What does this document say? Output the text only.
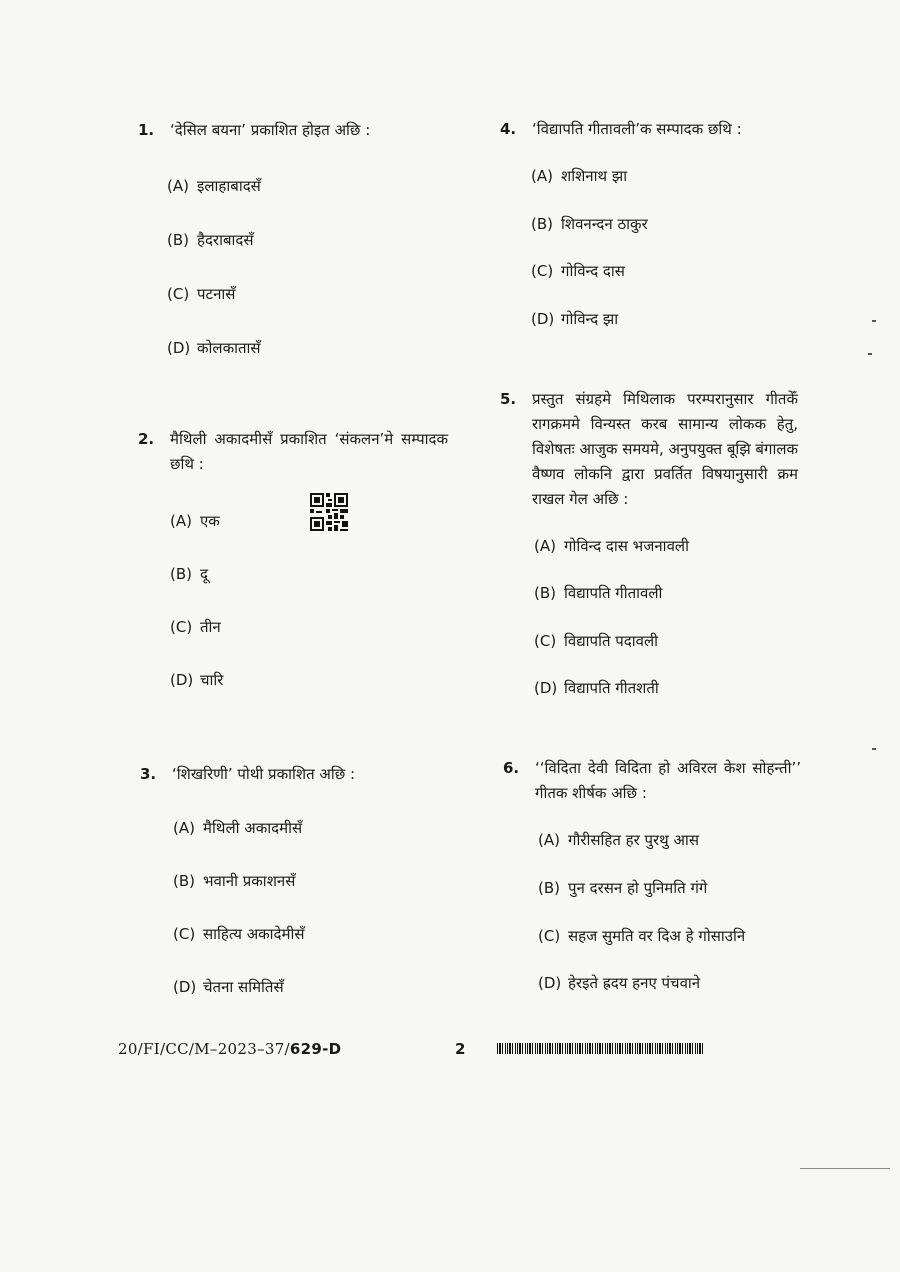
1. ‘देसिल बयना’ प्रकाशित होइत अछि :
(A) इलाहाबादसँ
(B) हैदराबादसँ
(C) पटनासँ
(D) कोलकातासँ
2. मैथिली अकादमीसँ प्रकाशित ‘संकलन’मे सम्पादक छथि :
(A) एक
(B) दू
(C) तीन
(D) चारि
3. ‘शिखरिणी’ पोथी प्रकाशित अछि :
(A) मैथिली अकादमीसँ
(B) भवानी प्रकाशनसँ
(C) साहित्य अकादेमीसँ
(D) चेतना समितिसँ
4. ‘विद्यापति गीतावली’क सम्पादक छथि :
(A) शशिनाथ झा
(B) शिवनन्दन ठाकुर
(C) गोविन्द दास
(D) गोविन्द झा
5. प्रस्तुत संग्रहमे मिथिलाक परम्परानुसार गीतकेँ रागक्रममे विन्यस्त करब सामान्य लोकक हेतु, विशेषतः आजुक समयमे, अनुपयुक्त बूझि बंगालक वैष्णव लोकनि द्वारा प्रवर्तित विषयानुसारी क्रम राखल गेल अछि :
(A) गोविन्द दास भजनावली
(B) विद्यापति गीतावली
(C) विद्यापति पदावली
(D) विद्यापति गीतशती
6. ‘‘विदिता देवी विदिता हो अविरल केश सोहन्ती’’ गीतक शीर्षक अछि :
(A) गौरीसहित हर पुरथु आस
(B) पुन दरसन हो पुनिमति गंगे
(C) सहज सुमति वर दिअ हे गोसाउनि
(D) हेरइते ह्रदय हनए पंचवाने
20/FI/CC/M–2023–37/629-D	2
